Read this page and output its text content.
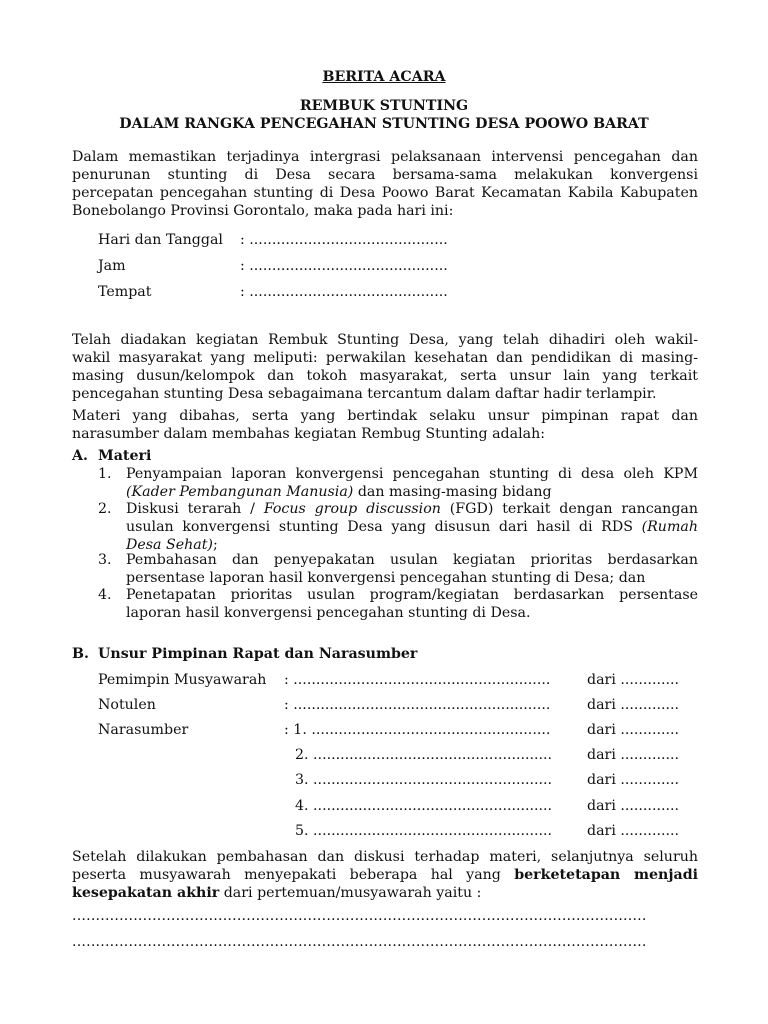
BERITA ACARA
REMBUK STUNTING
DALAM RANGKA PENCEGAHAN STUNTING DESA POOWO BARAT
Dalam memastikan terjadinya intergrasi pelaksanaan intervensi pencegahan dan
penurunan stunting di Desa secara bersama-sama melakukan konvergensi
percepatan pencegahan stunting di Desa Poowo Barat Kecamatan Kabila Kabupaten
Bonebolango Provinsi Gorontalo, maka pada hari ini:
Hari dan Tanggal : ............................................
Jam	: ............................................
Tempat	: ............................................
Telah diadakan kegiatan Rembuk Stunting Desa, yang telah dihadiri oleh wakil-
wakil masyarakat yang meliputi: perwakilan kesehatan dan pendidikan di masing-
masing dusun/kelompok dan tokoh masyarakat, serta unsur lain yang terkait
pencegahan stunting Desa sebagaimana tercantum dalam daftar hadir terlampir.
Materi yang dibahas, serta yang bertindak selaku unsur pimpinan rapat dan
narasumber dalam membahas kegiatan Rembug Stunting adalah:
A. Materi
1. Penyampaian laporan konvergensi pencegahan stunting di desa oleh KPM
(Kader Pembangunan Manusia) dan masing-masing bidang
2. Diskusi terarah / Focus group discussion (FGD) terkait dengan rancangan
usulan konvergensi stunting Desa yang disusun dari hasil di RDS (Rumah
Desa Sehat);
3. Pembahasan dan penyepakatan usulan kegiatan prioritas berdasarkan
persentase laporan hasil konvergensi pencegahan stunting di Desa; dan
4. Penetapatan prioritas usulan program/kegiatan berdasarkan persentase
laporan hasil konvergensi pencegahan stunting di Desa.
B. Unsur Pimpinan Rapat dan Narasumber
Pemimpin Musyawarah : .........................................................	dari .............
Notulen	: .........................................................	dari .............
Narasumber	: 1. .....................................................	dari .............
2. ..................................................... dari .............
3. ..................................................... dari .............
4. ..................................................... dari .............
5. ..................................................... dari .............
Setelah dilakukan pembahasan dan diskusi terhadap materi, selanjutnya seluruh
peserta musyawarah menyepakati beberapa hal yang berketetapan menjadi
kesepakatan akhir dari pertemuan/musyawarah yaitu :
..........................................................................................................................
..........................................................................................................................
